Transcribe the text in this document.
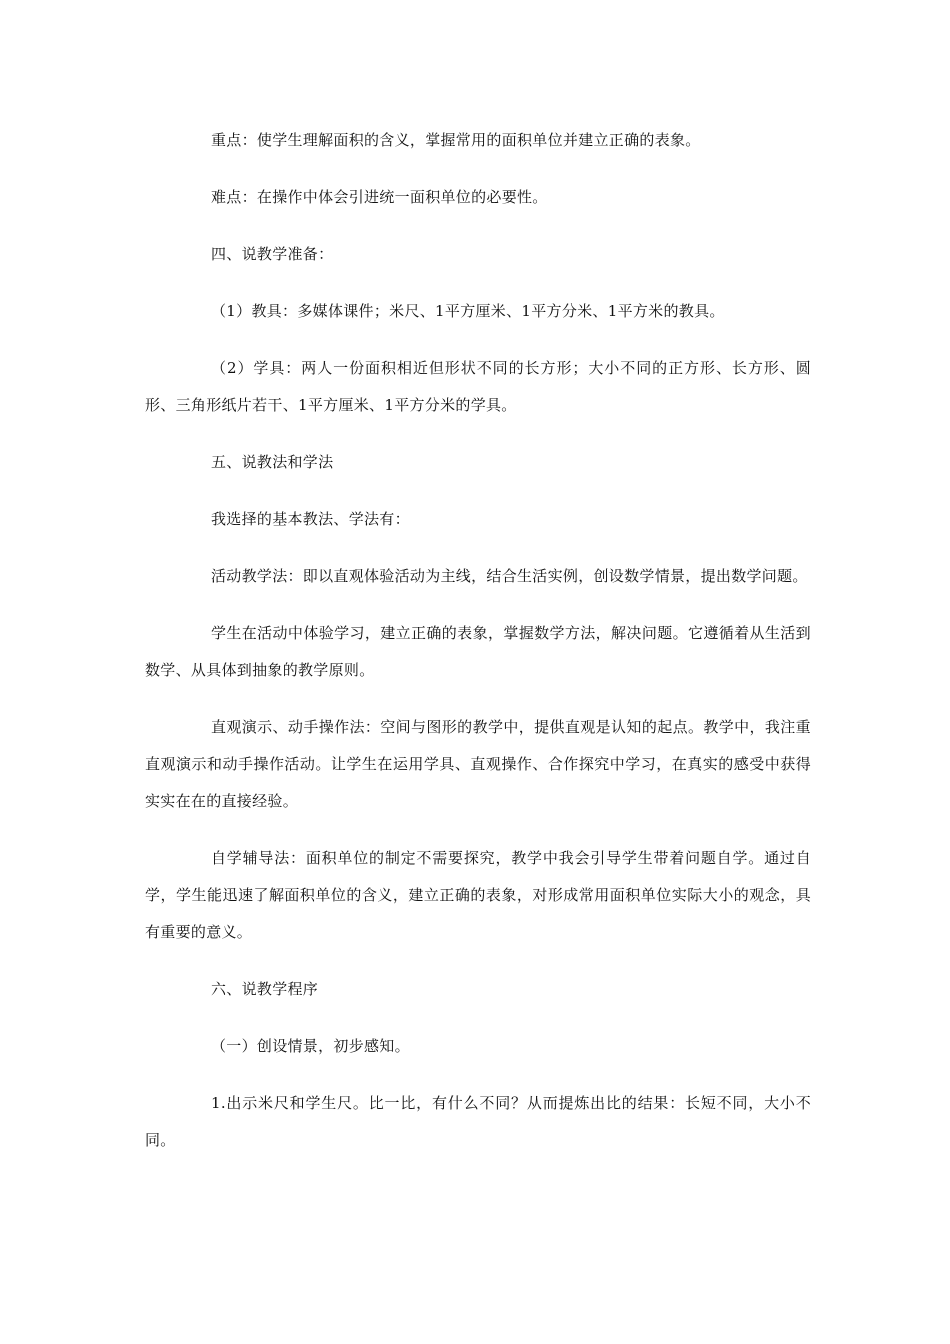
重点：使学生理解面积的含义，掌握常用的面积单位并建立正确的表象。

难点：在操作中体会引进统一面积单位的必要性。

四、说教学准备：

（1）教具：多媒体课件；米尺、1平方厘米、1平方分米、1平方米的教具。

（2）学具：两人一份面积相近但形状不同的长方形；大小不同的正方形、长方形、圆形、三角形纸片若干、1平方厘米、1平方分米的学具。

五、说教法和学法

我选择的基本教法、学法有：

活动教学法：即以直观体验活动为主线，结合生活实例，创设数学情景，提出数学问题。

学生在活动中体验学习，建立正确的表象，掌握数学方法，解决问题。它遵循着从生活到数学、从具体到抽象的教学原则。

直观演示、动手操作法：空间与图形的教学中，提供直观是认知的起点。教学中，我注重直观演示和动手操作活动。让学生在运用学具、直观操作、合作探究中学习，在真实的感受中获得实实在在的直接经验。

自学辅导法：面积单位的制定不需要探究，教学中我会引导学生带着问题自学。通过自学，学生能迅速了解面积单位的含义，建立正确的表象，对形成常用面积单位实际大小的观念，具有重要的意义。

六、说教学程序

（一）创设情景，初步感知。

1.出示米尺和学生尺。比一比，有什么不同？从而提炼出比的结果：长短不同，大小不同。
